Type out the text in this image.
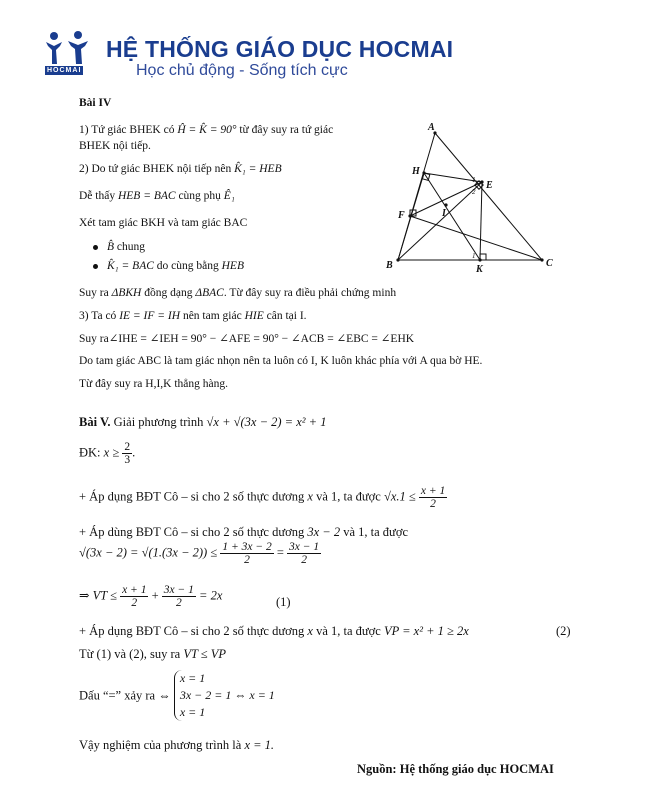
HOCMAI
HỆ THỐNG GIÁO DỤC HOCMAI
Học chủ động - Sống tích cực
Bài IV
1) Tứ giác BHEK có Ĥ = K̂ = 90° từ đây suy ra tứ giác
BHEK nội tiếp.
2) Do tứ giác BHEK nội tiếp nên K̂₁ = HEB
Dễ thấy HEB = BAC cùng phụ Ê₁
Xét tam giác BKH và tam giác BAC
B̂ chung
K̂₁ = BAC do cùng bằng HEB
Suy ra ΔBKH đồng dạng ΔBAC. Từ đây suy ra điều phải chứng minh
3) Ta có IE = IF = IH nên tam giác HIE cân tại I.
Suy ra∠IHE = ∠IEH = 90° − ∠AFE = 90° − ∠ACB = ∠EBC = ∠EHK
Do tam giác ABC là tam giác nhọn nên ta luôn có I, K luôn khác phía với A qua bờ HE.
Từ đây suy ra H,I,K thẳng hàng.
A
H
E
F	I
B	K
C
1
2
1
Bài V. Giải phương trình √x + √(3x − 2) = x² + 1
ĐK: $x \ge \frac{2}{3}$ .
+ Áp dụng BĐT Cô – si cho 2 số thực dương x và 1, ta được $√x.1 \le \frac{x + 1}{2}$
+ Áp dùng BĐT Cô – si cho 2 số thực dương 3x − 2 và 1, ta được
$√(3x - 2) = √(1.(3x - 2)) \le \frac{1 + 3x - 2}{2} = \frac{3x - 1}{2}$
⇒ VT ≤ $\frac{x + 1}{2} + \frac{3x - 1}{2} = 2x$	(1)
+ Áp dụng BĐT Cô – si cho 2 số thực dương x và 1, ta được VP = x² + 1 ≥ 2x	(2)
Từ (1) và (2), suy ra VT ≤ VP
Dấu “=” xảy ra ⇔
x = 1
3x − 2 = 1 ⇔ x = 1
x = 1
Vậy nghiệm của phương trình là x = 1.
Nguồn: Hệ thống giáo dục HOCMAI
